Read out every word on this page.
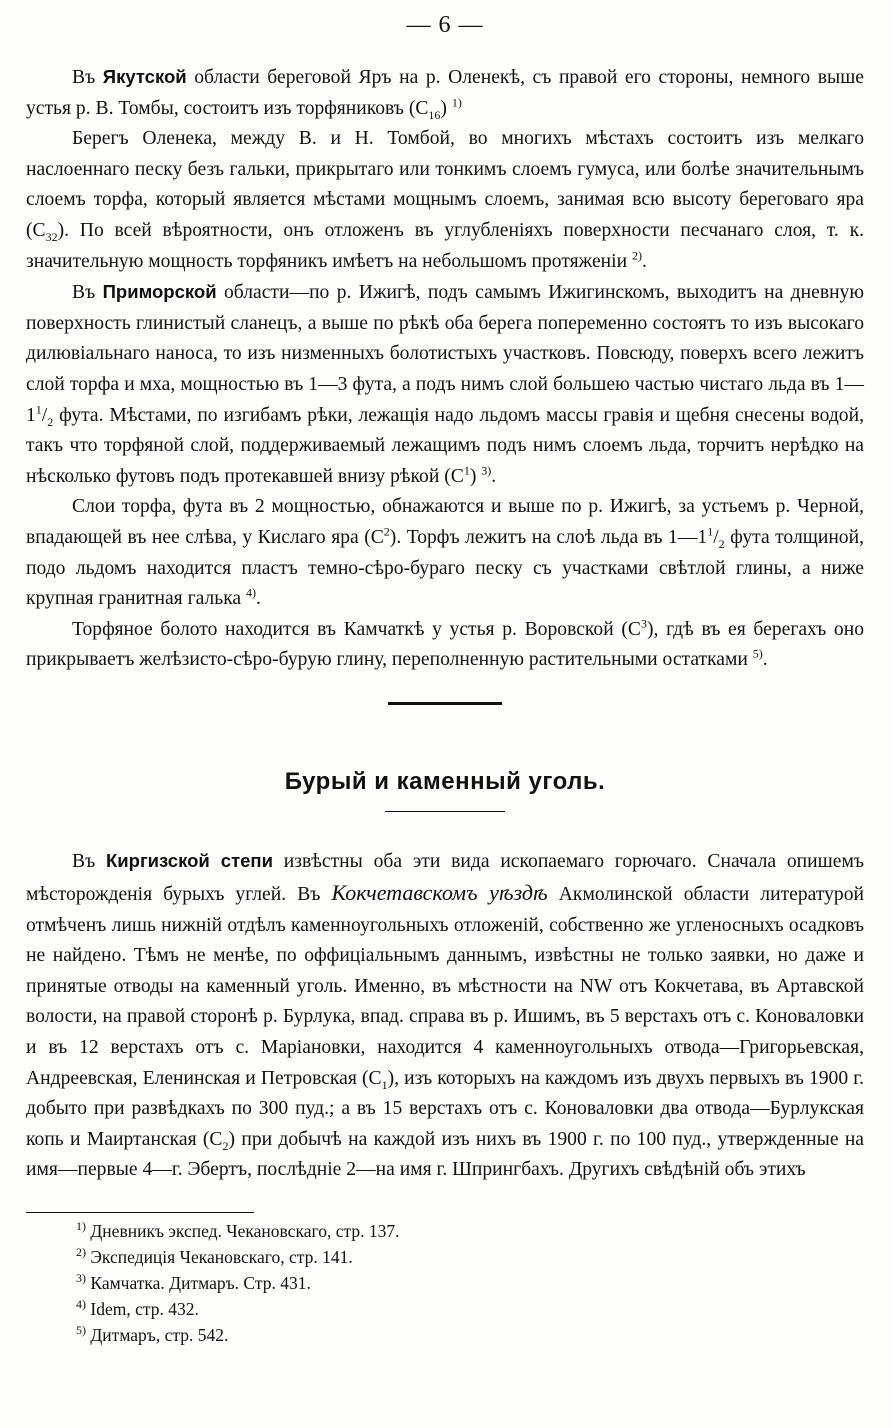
— 6 —

Въ Якутской области береговой Яръ на р. Оленекѣ, съ правой его стороны, немного выше устья р. В. Томбы, состоитъ изъ торфяниковъ $(C_{16})$ $^{1)}$

Берегъ Оленека, между В. и Н. Томбой, во многихъ мѣстахъ состоитъ изъ мелкаго наслоеннаго песку безъ гальки, прикрытаго или тонкимъ слоемъ гумуса, или болѣе значительнымъ слоемъ торфа, который является мѣстами мощнымъ слоемъ, занимая всю высоту береговаго яра $(C_{32})$. По всей вѣроятности, онъ отложенъ въ углубленіяхъ поверхности песчанаго слоя, т. к. значительную мощность торфяникъ имѣетъ на небольшомъ протяженіи $^{2)}$.

Въ Приморской области—по р. Ижигѣ, подъ самымъ Ижигинскомъ, выходитъ на дневную поверхность глинистый сланецъ, а выше по рѣкѣ оба берега попеременно состоятъ то изъ высокаго дилювіальнаго наноса, то изъ низменныхъ болотистыхъ участковъ. Повсюду, поверхъ всего лежитъ слой торфа и мха, мощностью въ 1—3 фута, а подъ нимъ слой большею частью чистаго льда въ $1—1^1/_2$ фута. Мѣстами, по изгибамъ рѣки, лежащія надо льдомъ массы гравія и щебня снесены водой, такъ что торфяной слой, поддерживаемый лежащимъ подъ нимъ слоемъ льда, торчитъ нерѣдко на нѣсколько футовъ подъ протекавшей внизу рѣкой $(C^1)$ $^{3)}$.

Слои торфа, фута въ 2 мощностью, обнажаются и выше по р. Ижигѣ, за устьемъ р. Черной, впадающей въ нее слѣва, у Кислаго яра $(C^2)$. Торфъ лежитъ на слоѣ льда въ $1—1^1/_2$ фута толщиной, подо льдомъ находится пластъ темно-сѣро-бураго песку съ участками свѣтлой глины, а ниже крупная гранитная галька $^{4)}$.

Торфяное болото находится въ Камчаткѣ у устья р. Воровской $(C^3)$, гдѣ въ ея берегахъ оно прикрываетъ желѣзисто-сѣро-бурую глину, переполненную растительными остатками $^{5)}$.

Бурый и каменный уголь.

Въ Киргизской степи извѣстны оба эти вида ископаемаго горючаго. Сначала опишемъ мѣсторожденія бурыхъ углей. Въ Кокчетавскомъ уѣздѣ Акмолинской области литературой отмѣченъ лишь нижній отдѣлъ каменноугольныхъ отложеній, собственно же угленосныхъ осадковъ не найдено. Тѣмъ не менѣе, по оффиціальнымъ даннымъ, извѣстны не только заявки, но даже и принятые отводы на каменный уголь. Именно, въ мѣстности на NW отъ Кокчетава, въ Артавской волости, на правой сторонѣ р. Бурлука, впад. справа въ р. Ишимъ, въ 5 верстахъ отъ с. Коноваловки и въ 12 верстахъ отъ с. Маріановки, находится 4 каменноугольныхъ отвода—Григорьевская, Андреевская, Еленинская и Петровская $(C_1)$, изъ которыхъ на каждомъ изъ двухъ первыхъ въ 1900 г. добыто при развѣдкахъ по 300 пуд.; а въ 15 верстахъ отъ с. Коноваловки два отвода—Бурлукская копь и Маиртанская $(C_2)$ при добычѣ на каждой изъ нихъ въ 1900 г. по 100 пуд., утвержденные на имя—первые 4—г. Эбертъ, послѣдніе 2—на имя г. Шпрингбахъ. Другихъ свѣдѣній объ этихъ

$^{1)}$ Дневникъ экспед. Чекановскаго, стр. 137.
$^{2)}$ Экспедиція Чекановскаго, стр. 141.
$^{3)}$ Камчатка. Дитмаръ. Стр. 431.
$^{4)}$ Idem, стр. 432.
$^{5)}$ Дитмаръ, стр. 542.
